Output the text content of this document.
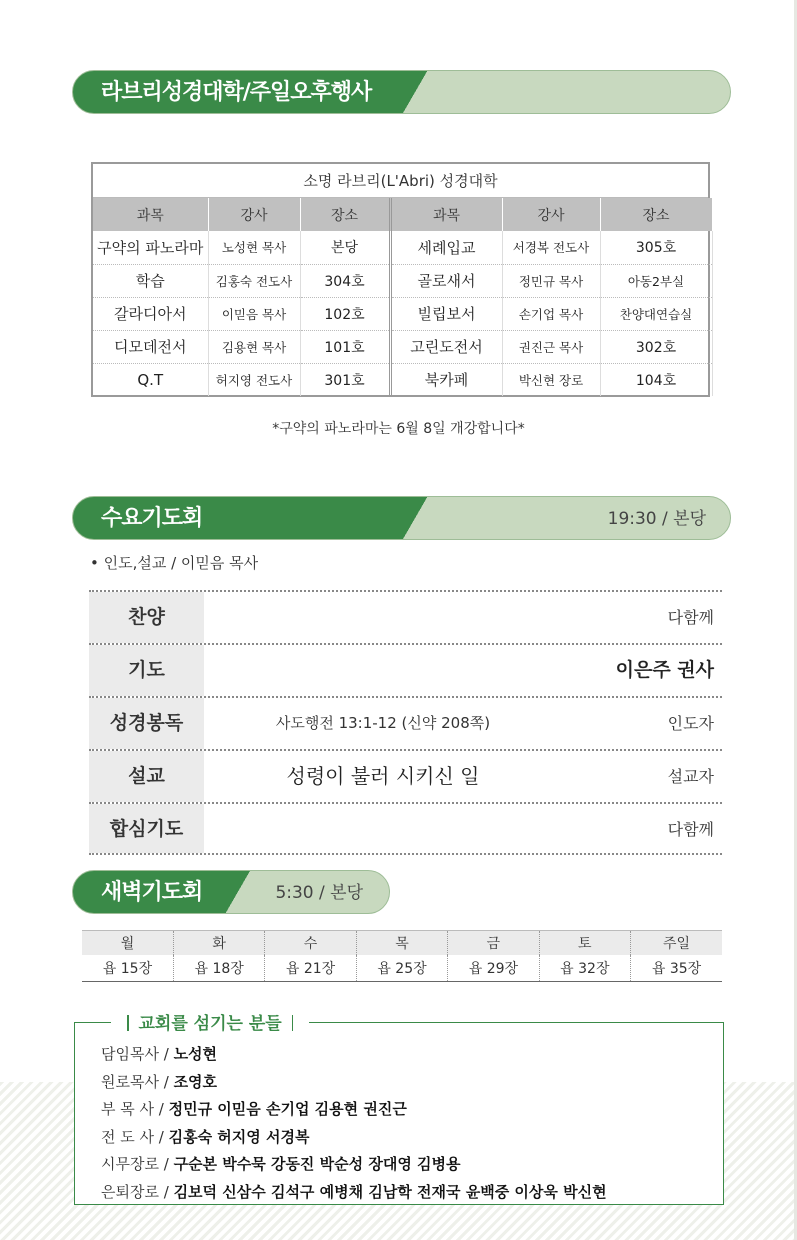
라브리성경대학/주일오후행사
소명 라브리(L'Abri) 성경대학
과목	강사	장소	과목	강사	장소
구약의 파노라마	노성현 목사	본당	세례입교	서경복 전도사	305호
학습	김홍숙 전도사	304호	골로새서	정민규 목사	아동2부실
갈라디아서	이믿음 목사	102호	빌립보서	손기업 목사	찬양대연습실
디모데전서	김용현 목사	101호	고린도전서	권진근 목사	302호
Q.T	허지영 전도사	301호	북카페	박신현 장로	104호
*구약의 파노라마는 6월 8일 개강합니다*
수요기도회	19:30 / 본당
• 인도,설교 / 이믿음 목사
찬양	다함께
기도	이은주 권사
성경봉독	사도행전 13:1-12 (신약 208쪽)	인도자
설교	성령이 불러 시키신 일	설교자
합심기도	다함께
새벽기도회	5:30 / 본당
월	화	수	목	금	토	주일
욥 15장	욥 18장	욥 21장	욥 25장	욥 29장	욥 32장	욥 35장
교회를 섬기는 분들
담임목사 / 노성현
원로목사 / 조영호
부 목 사 / 정민규 이믿음 손기업 김용현 권진근
전 도 사 / 김홍숙 허지영 서경복
시무장로 / 구순본 박수묵 강동진 박순성 장대영 김병용
은퇴장로 / 김보덕 신삼수 김석구 예병채 김남학 전재국 윤백중 이상욱 박신현
